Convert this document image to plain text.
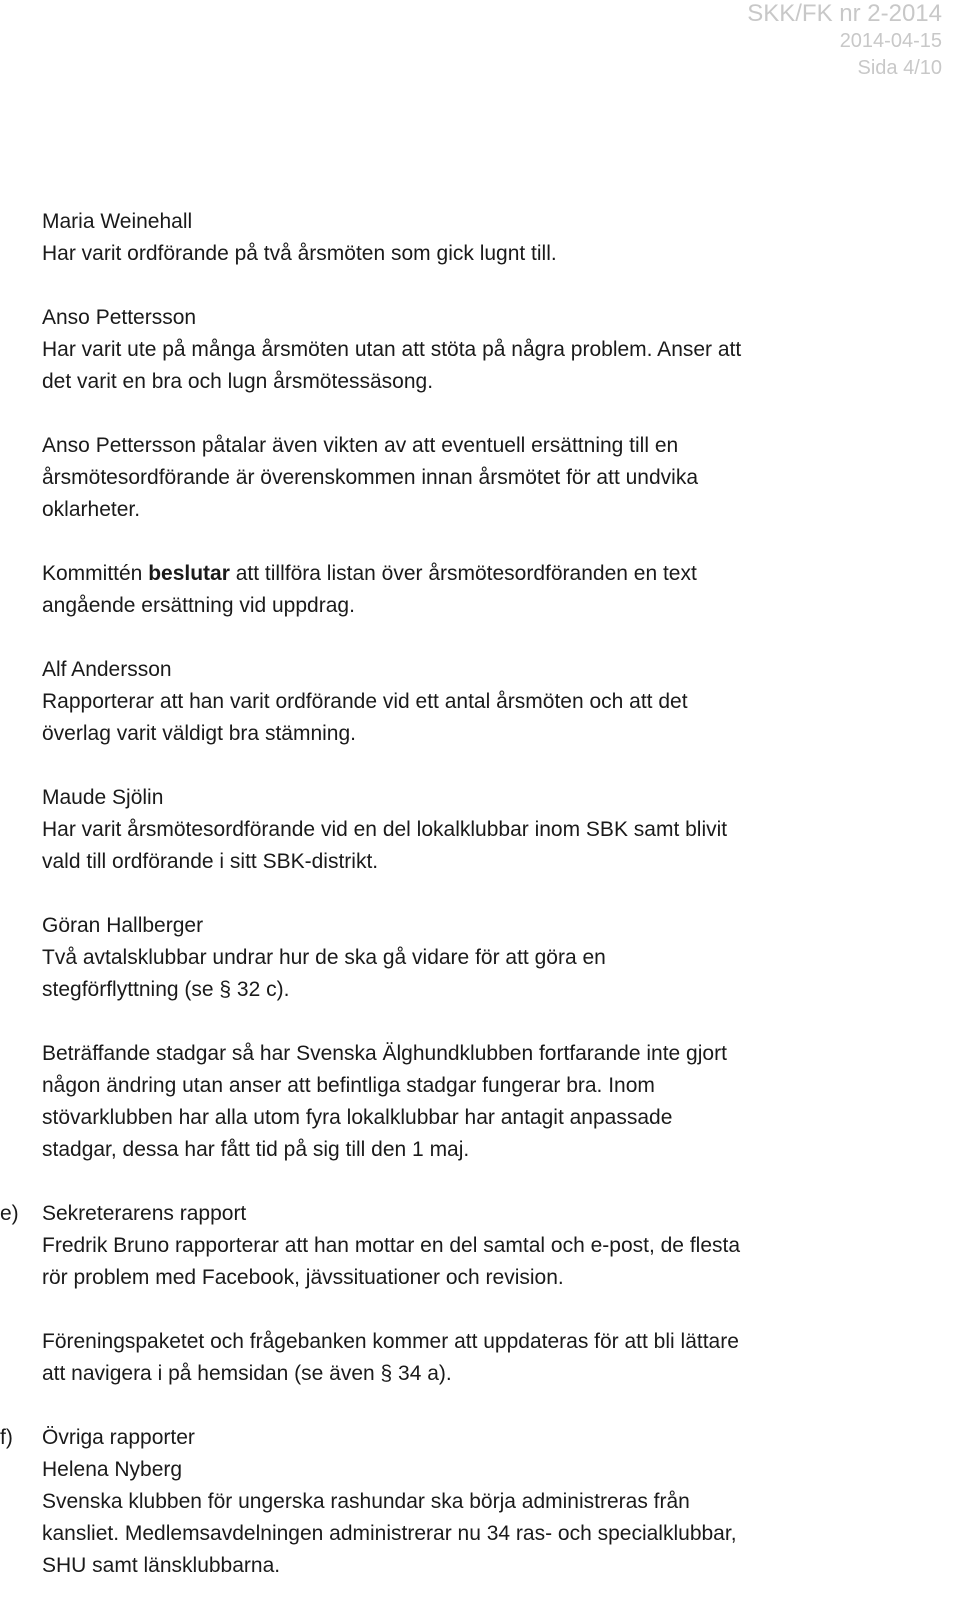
SKK/FK nr 2-2014
2014-04-15
Sida 4/10
Maria Weinehall
Har varit ordförande på två årsmöten som gick lugnt till.
Anso Pettersson
Har varit ute på många årsmöten utan att stöta på några problem. Anser att
det varit en bra och lugn årsmötessäsong.
Anso Pettersson påtalar även vikten av att eventuell ersättning till en
årsmötesordförande är överenskommen innan årsmötet för att undvika
oklarheter.
Kommittén beslutar att tillföra listan över årsmötesordföranden en text
angående ersättning vid uppdrag.
Alf Andersson
Rapporterar att han varit ordförande vid ett antal årsmöten och att det
överlag varit väldigt bra stämning.
Maude Sjölin
Har varit årsmötesordförande vid en del lokalklubbar inom SBK samt blivit
vald till ordförande i sitt SBK-distrikt.
Göran Hallberger
Två avtalsklubbar undrar hur de ska gå vidare för att göra en
stegförflyttning (se § 32 c).
Beträffande stadgar så har Svenska Älghundklubben fortfarande inte gjort
någon ändring utan anser att befintliga stadgar fungerar bra. Inom
stövarklubben har alla utom fyra lokalklubbar har antagit anpassade
stadgar, dessa har fått tid på sig till den 1 maj.
e)	Sekreterarens rapport
Fredrik Bruno rapporterar att han mottar en del samtal och e-post, de flesta
rör problem med Facebook, jävssituationer och revision.
Föreningspaketet och frågebanken kommer att uppdateras för att bli lättare
att navigera i på hemsidan (se även § 34 a).
f)	Övriga rapporter
Helena Nyberg
Svenska klubben för ungerska rashundar ska börja administreras från
kansliet. Medlemsavdelningen administrerar nu 34 ras- och specialklubbar,
SHU samt länsklubbarna.
